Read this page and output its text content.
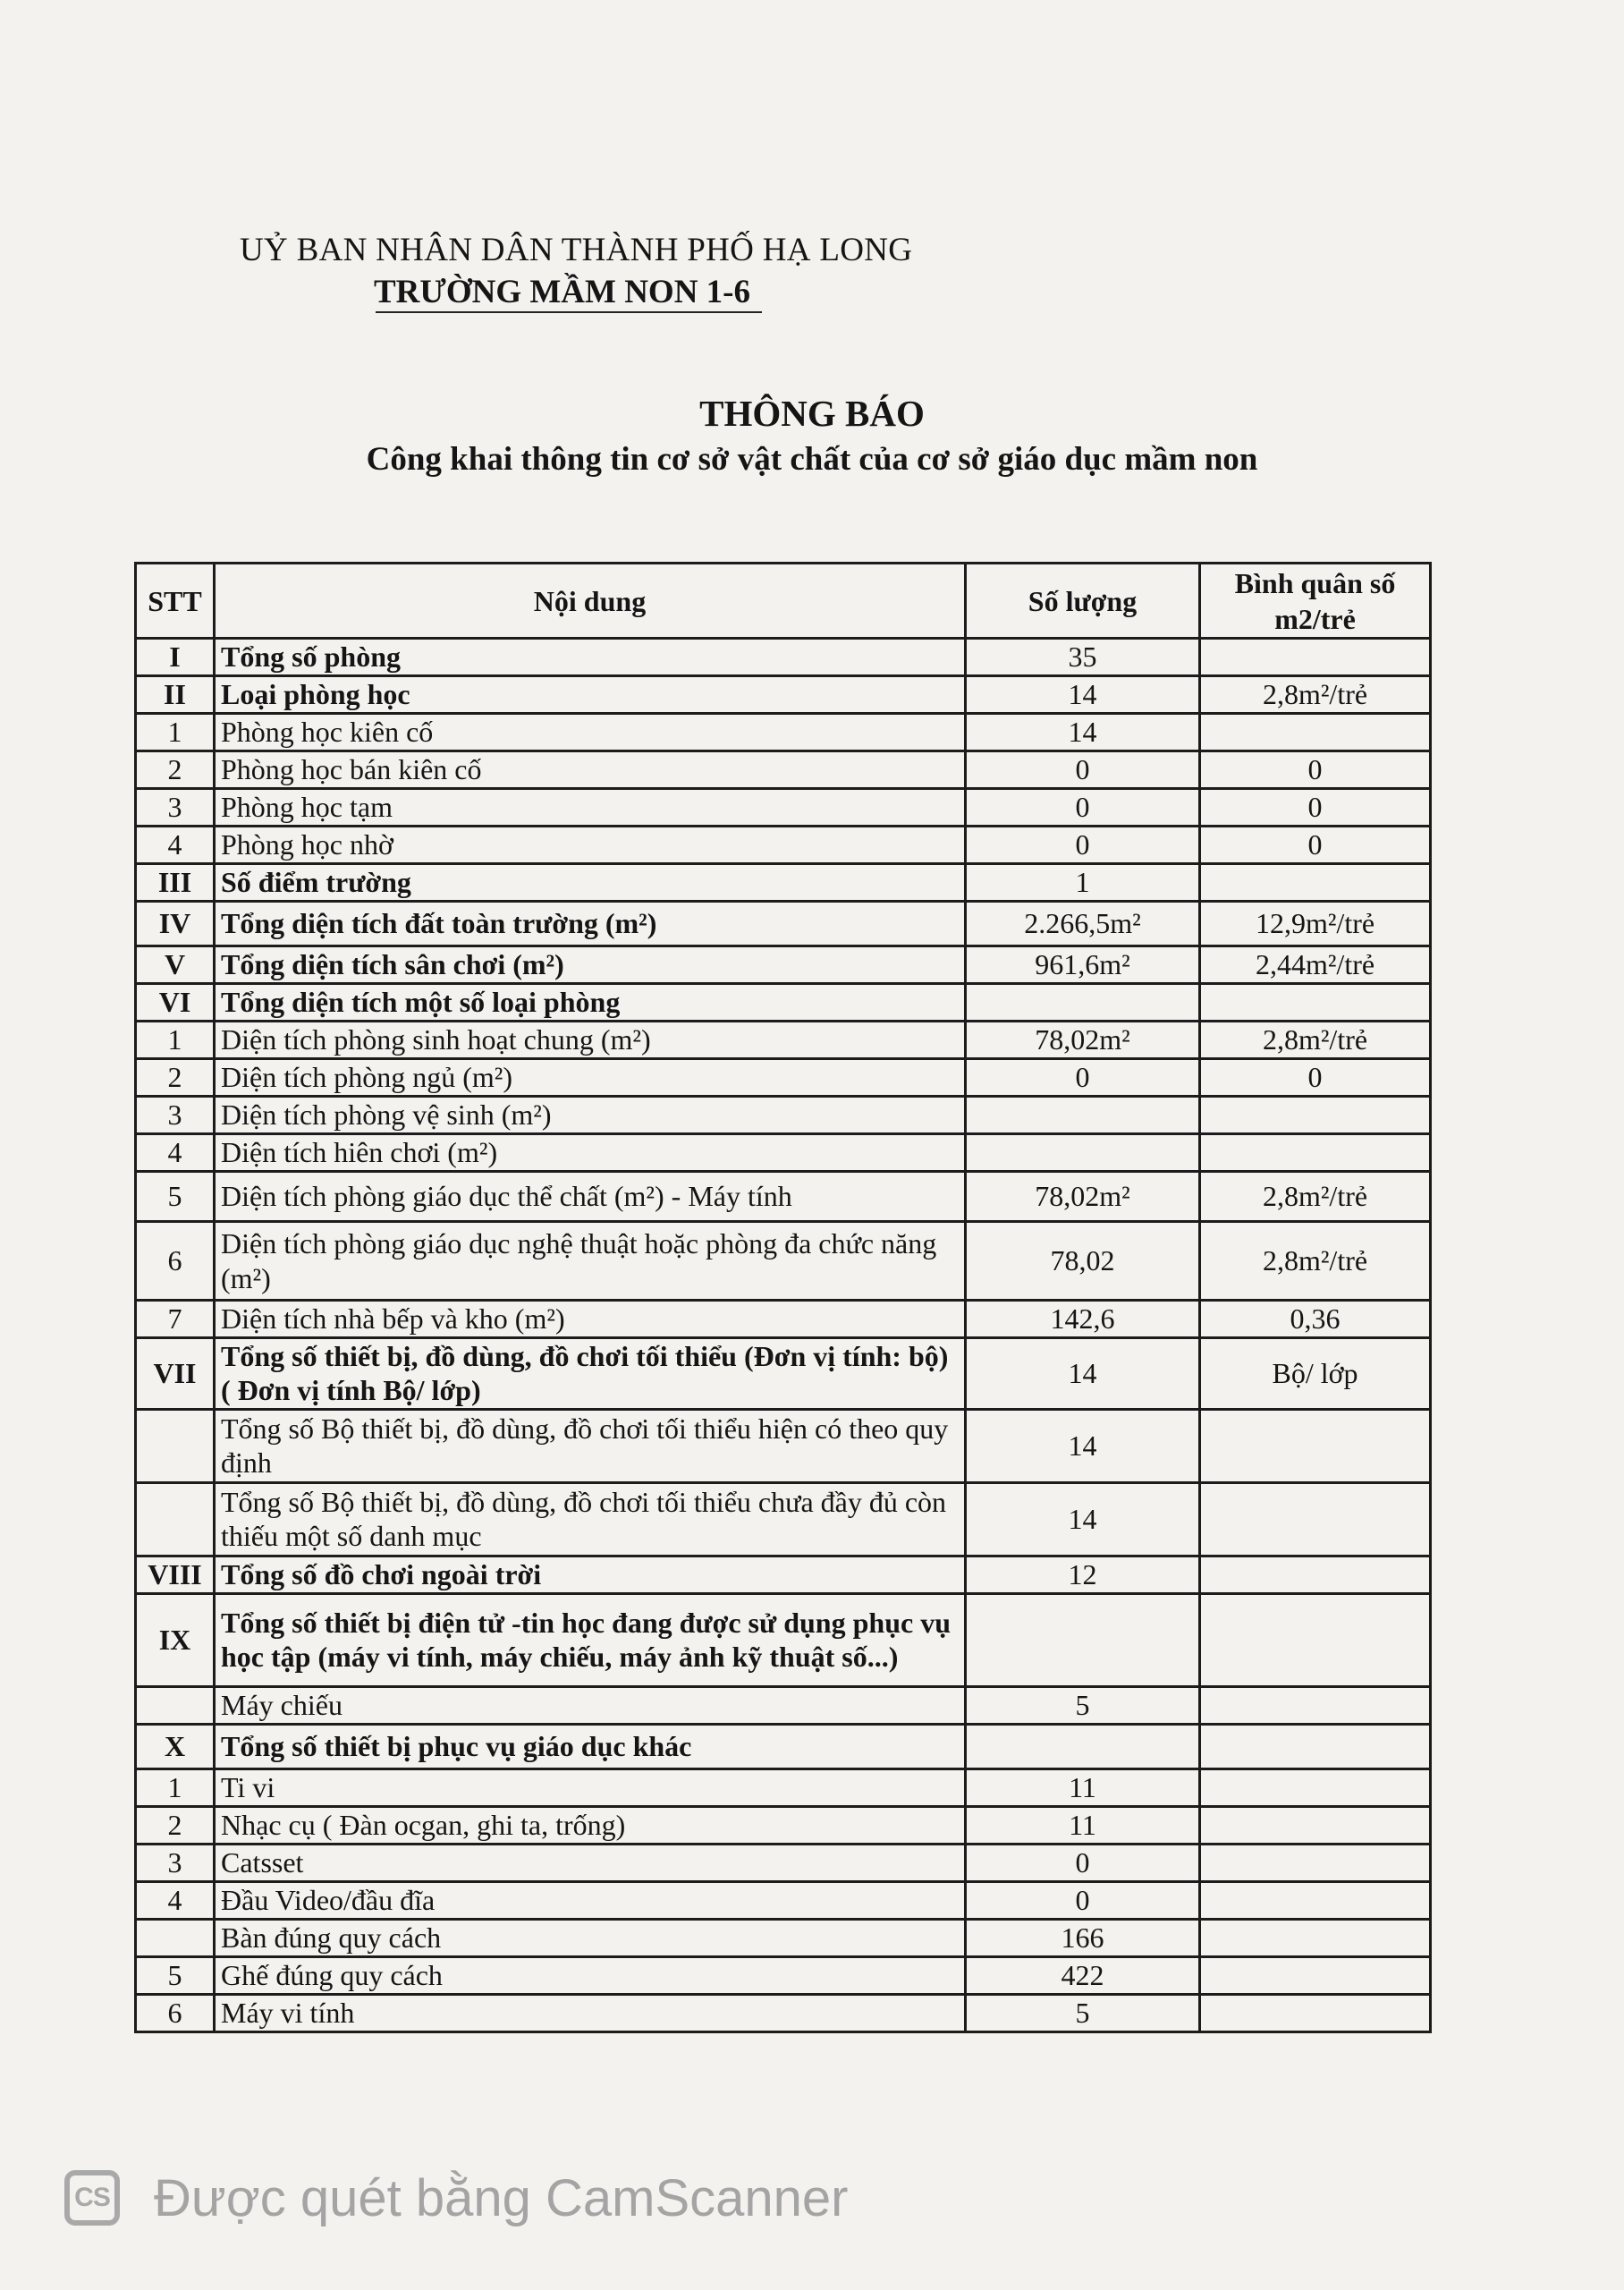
UỶ BAN NHÂN DÂN THÀNH PHỐ HẠ LONG
TRƯỜNG MẦM NON 1-6
THÔNG BÁO
Công khai thông tin cơ sở vật chất của cơ sở giáo dục mầm non
STT	Nội dung	Số lượng	Bình quân số m2/trẻ
I	Tổng số phòng	35	
II	Loại phòng học	14	2,8m²/trẻ
1	Phòng học kiên cố	14	
2	Phòng học bán kiên cố	0	0
3	Phòng học tạm	0	0
4	Phòng học nhờ	0	0
III	Số điểm trường	1	
IV	Tổng diện tích đất toàn trường (m²)	2.266,5m²	12,9m²/trẻ
V	Tổng diện tích sân chơi (m²)	961,6m²	2,44m²/trẻ
VI	Tổng diện tích một số loại phòng		
1	Diện tích phòng sinh hoạt chung (m²)	78,02m²	2,8m²/trẻ
2	Diện tích phòng ngủ (m²)	0	0
3	Diện tích phòng vệ sinh (m²)		
4	Diện tích hiên chơi (m²)		
5	Diện tích phòng giáo dục thể chất (m²) - Máy tính	78,02m²	2,8m²/trẻ
6	Diện tích phòng giáo dục nghệ thuật hoặc phòng đa chức năng (m²)	78,02	2,8m²/trẻ
7	Diện tích nhà bếp và kho (m²)	142,6	0,36
VII	Tổng số thiết bị, đồ dùng, đồ chơi tối thiểu (Đơn vị tính: bộ) ( Đơn vị tính Bộ/ lớp)	14	Bộ/ lớp
	Tổng số Bộ thiết bị, đồ dùng, đồ chơi tối thiểu hiện có theo quy định	14	
	Tổng số Bộ thiết bị, đồ dùng, đồ chơi tối thiểu chưa đầy đủ còn thiếu một số danh mục	14	
VIII	Tổng số đồ chơi ngoài trời	12	
IX	Tổng số thiết bị điện tử -tin học đang được sử dụng phục vụ học tập (máy vi tính, máy chiếu, máy ảnh kỹ thuật số...)		
	Máy chiếu	5	
X	Tổng số thiết bị phục vụ giáo dục khác		
1	Ti vi	11	
2	Nhạc cụ ( Đàn ocgan, ghi ta, trống)	11	
3	Catsset	0	
4	Đầu Video/đầu đĩa	0	
	Bàn đúng quy cách	166	
5	Ghế đúng quy cách	422	
6	Máy vi tính	5	
CS Được quét bằng CamScanner
